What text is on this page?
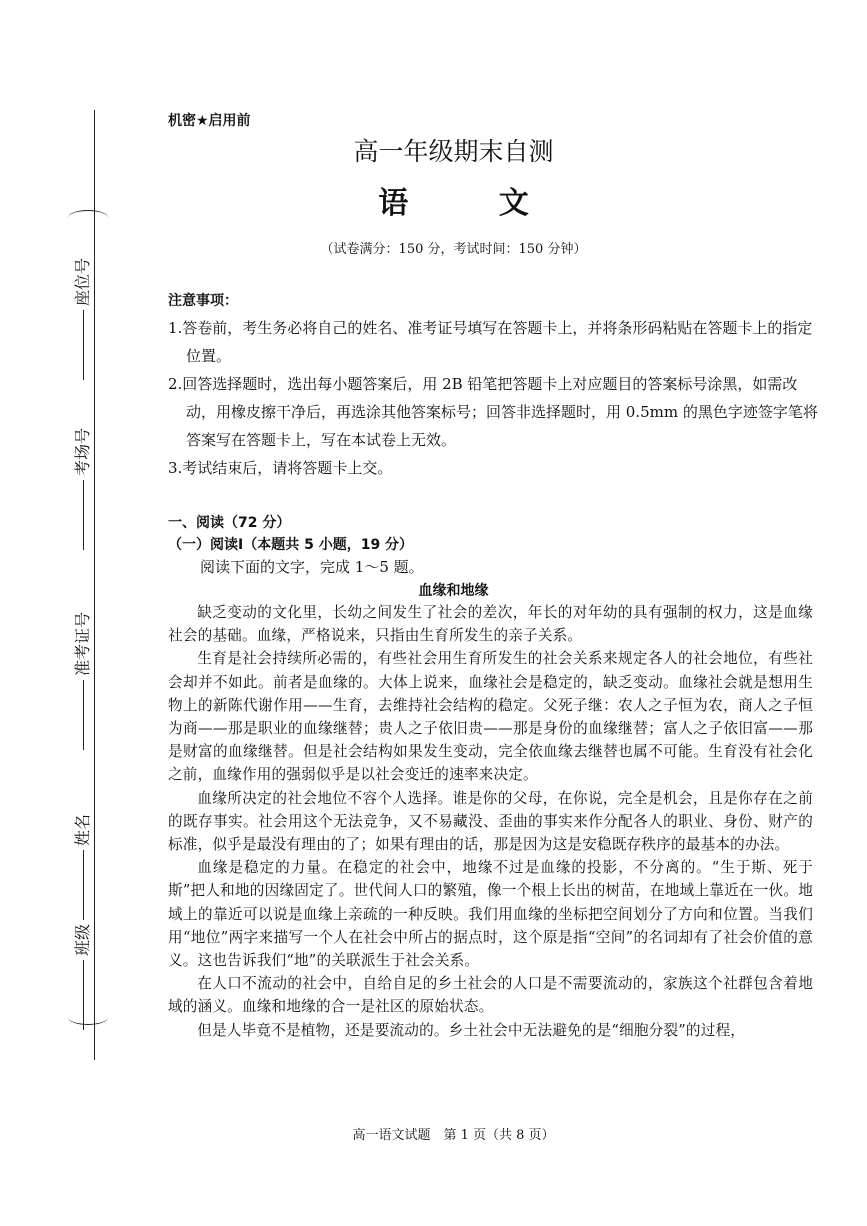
座位号
考场号
准考证号
姓名
班级
机密★启用前
高一年级期末自测
语 文
（试卷满分：150 分，考试时间：150 分钟）
注意事项：

1.答卷前，考生务必将自己的姓名、准考证号填写在答题卡上，并将条形码粘贴在答题卡上的指定位置。

2.回答选择题时，选出每小题答案后，用 2B 铅笔把答题卡上对应题目的答案标号涂黑，如需改动，用橡皮擦干净后，再选涂其他答案标号；回答非选择题时，用 0.5mm 的黑色字迹签字笔将答案写在答题卡上，写在本试卷上无效。

3.考试结束后，请将答题卡上交。

一、阅读（72 分）
（一）阅读Ⅰ（本题共 5 小题，19 分）
阅读下面的文字，完成 1～5 题。
血缘和地缘

缺乏变动的文化里，长幼之间发生了社会的差次，年长的对年幼的具有强制的权力，这是血缘社会的基础。血缘，严格说来，只指由生育所发生的亲子关系。

生育是社会持续所必需的，有些社会用生育所发生的社会关系来规定各人的社会地位，有些社会却并不如此。前者是血缘的。大体上说来，血缘社会是稳定的，缺乏变动。血缘社会就是想用生物上的新陈代谢作用——生育，去维持社会结构的稳定。父死子继：农人之子恒为农，商人之子恒为商——那是职业的血缘继替；贵人之子依旧贵——那是身份的血缘继替；富人之子依旧富——那是财富的血缘继替。但是社会结构如果发生变动，完全依血缘去继替也属不可能。生育没有社会化之前，血缘作用的强弱似乎是以社会变迁的速率来决定。

血缘所决定的社会地位不容个人选择。谁是你的父母，在你说，完全是机会，且是你存在之前的既存事实。社会用这个无法竞争，又不易藏没、歪曲的事实来作分配各人的职业、身份、财产的标准，似乎是最没有理由的了；如果有理由的话，那是因为这是安稳既存秩序的最基本的办法。

血缘是稳定的力量。在稳定的社会中，地缘不过是血缘的投影，不分离的。“生于斯、死于斯”把人和地的因缘固定了。世代间人口的繁殖，像一个根上长出的树苗，在地域上靠近在一伙。地域上的靠近可以说是血缘上亲疏的一种反映。我们用血缘的坐标把空间划分了方向和位置。当我们用“地位”两字来描写一个人在社会中所占的据点时，这个原是指“空间”的名词却有了社会价值的意义。这也告诉我们“地”的关联派生于社会关系。

在人口不流动的社会中，自给自足的乡土社会的人口是不需要流动的，家族这个社群包含着地域的涵义。血缘和地缘的合一是社区的原始状态。

但是人毕竟不是植物，还是要流动的。乡土社会中无法避免的是“细胞分裂”的过程，

高一语文试题　第 1 页（共 8 页）
